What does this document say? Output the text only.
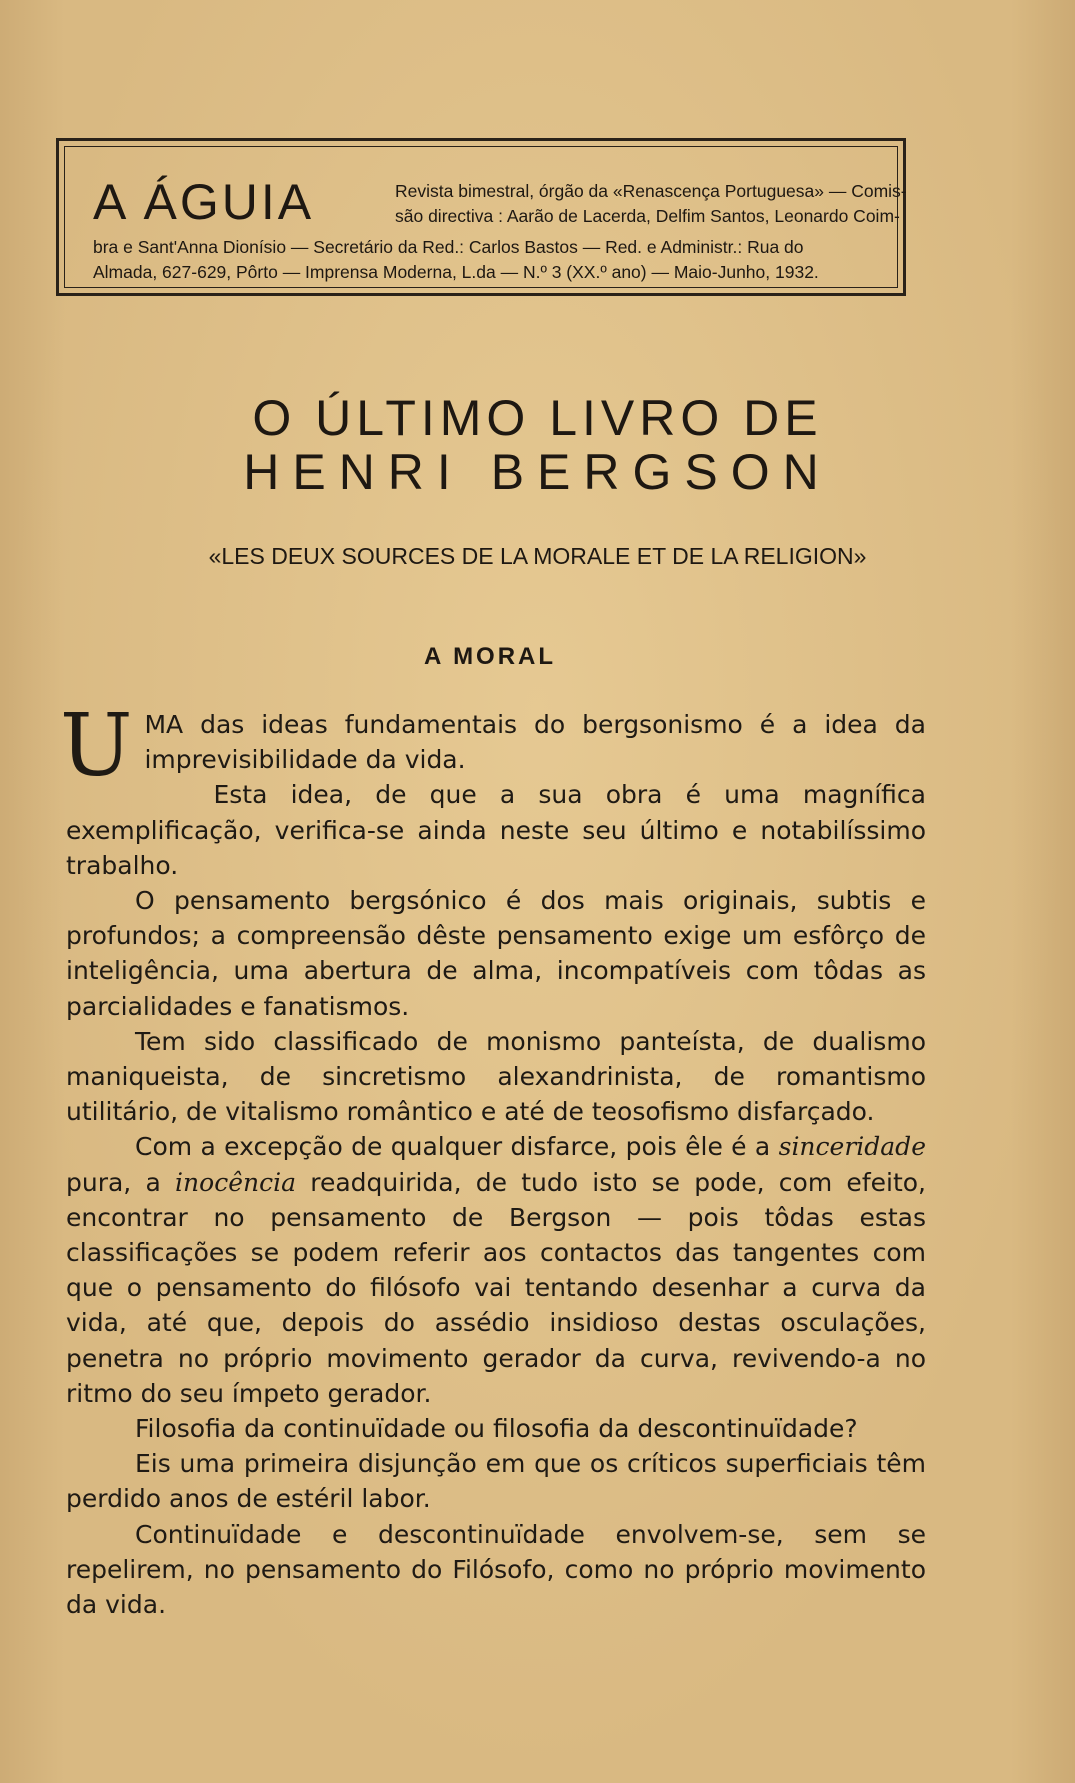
A ÁGUIA	Revista bimestral, órgão da «Renascença Portuguesa» — Comis-
são directiva : Aarão de Lacerda, Delfim Santos, Leonardo Coim-
bra e Sant'Anna Dionísio — Secretário da Red.: Carlos Bastos — Red. e Administr.: Rua do
Almada, 627-629, Pôrto — Imprensa Moderna, L.da — N.º 3 (XX.º ano) — Maio-Junho, 1932.
O ÚLTIMO LIVRO DE
HENRI BERGSON
«LES DEUX SOURCES DE LA MORALE ET DE LA RELIGION»
A MORAL

UMA das ideas fundamentais do bergsonismo é a idea da imprevisibilidade da vida.

Esta idea, de que a sua obra é uma magnífica exemplificação, verifica-se ainda neste seu último e notabilíssimo trabalho.

O pensamento bergsónico é dos mais originais, subtis e profundos; a compreensão dêste pensamento exige um esfôrço de inteligência, uma abertura de alma, incompatíveis com tôdas as parcialidades e fanatismos.

Tem sido classificado de monismo panteísta, de dualismo maniqueista, de sincretismo alexandrinista, de romantismo utilitário, de vitalismo romântico e até de teosofismo disfarçado.

Com a excepção de qualquer disfarce, pois êle é a sinceridade pura, a inocência readquirida, de tudo isto se pode, com efeito, encontrar no pensamento de Bergson — pois tôdas estas classificações se podem referir aos contactos das tangentes com que o pensamento do filósofo vai tentando desenhar a curva da vida, até que, depois do assédio insidioso destas osculações, penetra no próprio movimento gerador da curva, revivendo-a no ritmo do seu ímpeto gerador.

Filosofia da continuïdade ou filosofia da descontinuïdade?

Eis uma primeira disjunção em que os críticos superficiais têm perdido anos de estéril labor.

Continuïdade e descontinuïdade envolvem-se, sem se repelirem, no pensamento do Filósofo, como no próprio movimento da vida.
